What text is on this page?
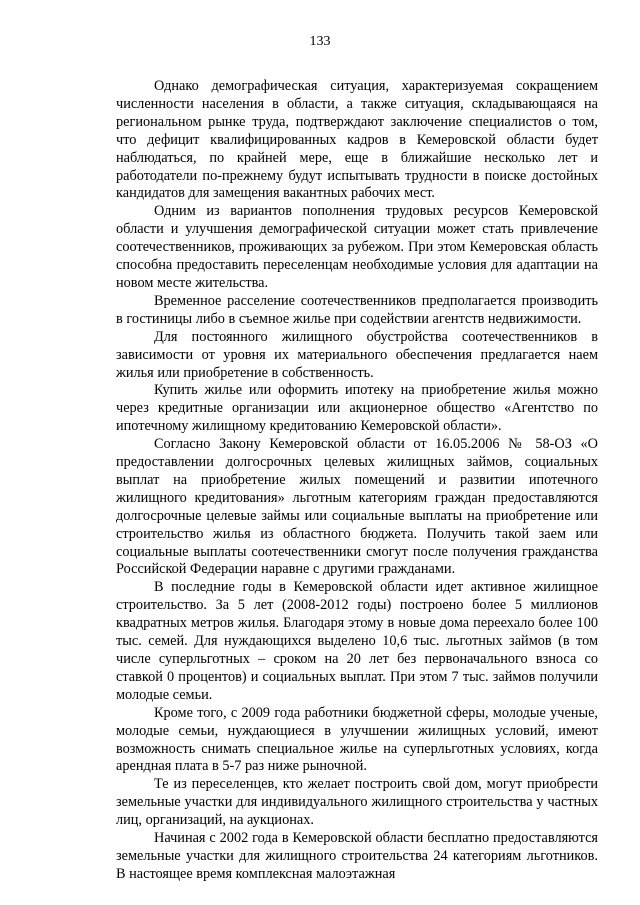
133

Однако демографическая ситуация, характеризуемая сокращением численности населения в области, а также ситуация, складывающаяся на региональном рынке труда, подтверждают заключение специалистов о том, что дефицит квалифицированных кадров в Кемеровской области будет наблюдаться, по крайней мере, еще в ближайшие несколько лет и работодатели по-прежнему будут испытывать трудности в поиске достойных кандидатов для замещения вакантных рабочих мест.

Одним из вариантов пополнения трудовых ресурсов Кемеровской области и улучшения демографической ситуации может стать привлечение соотечественников, проживающих за рубежом. При этом Кемеровская область способна предоставить переселенцам необходимые условия для адаптации на новом месте жительства.

Временное расселение соотечественников предполагается производить в гостиницы либо в съемное жилье при содействии агентств недвижимости.

Для постоянного жилищного обустройства соотечественников в зависимости от уровня их материального обеспечения предлагается наем жилья или приобретение в собственность.

Купить жилье или оформить ипотеку на приобретение жилья можно через кредитные организации или акционерное общество «Агентство по ипотечному жилищному кредитованию Кемеровской области».

Согласно Закону Кемеровской области от 16.05.2006 № 58-ОЗ «О предоставлении долгосрочных целевых жилищных займов, социальных выплат на приобретение жилых помещений и развитии ипотечного жилищного кредитования» льготным категориям граждан предоставляются долгосрочные целевые займы или социальные выплаты на приобретение или строительство жилья из областного бюджета. Получить такой заем или социальные выплаты соотечественники смогут после получения гражданства Российской Федерации наравне с другими гражданами.

В последние годы в Кемеровской области идет активное жилищное строительство. За 5 лет (2008-2012 годы) построено более 5 миллионов квадратных метров жилья. Благодаря этому в новые дома переехало более 100 тыс. семей. Для нуждающихся выделено 10,6 тыс. льготных займов (в том числе суперльготных – сроком на 20 лет без первоначального взноса со ставкой 0 процентов) и социальных выплат. При этом 7 тыс. займов получили молодые семьи.

Кроме того, с 2009 года работники бюджетной сферы, молодые ученые, молодые семьи, нуждающиеся в улучшении жилищных условий, имеют возможность снимать специальное жилье на суперльготных условиях, когда арендная плата в 5-7 раз ниже рыночной.

Те из переселенцев, кто желает построить свой дом, могут приобрести земельные участки для индивидуального жилищного строительства у частных лиц, организаций, на аукционах.

Начиная с 2002 года в Кемеровской области бесплатно предоставляются земельные участки для жилищного строительства 24 категориям льготников. В настоящее время комплексная малоэтажная
